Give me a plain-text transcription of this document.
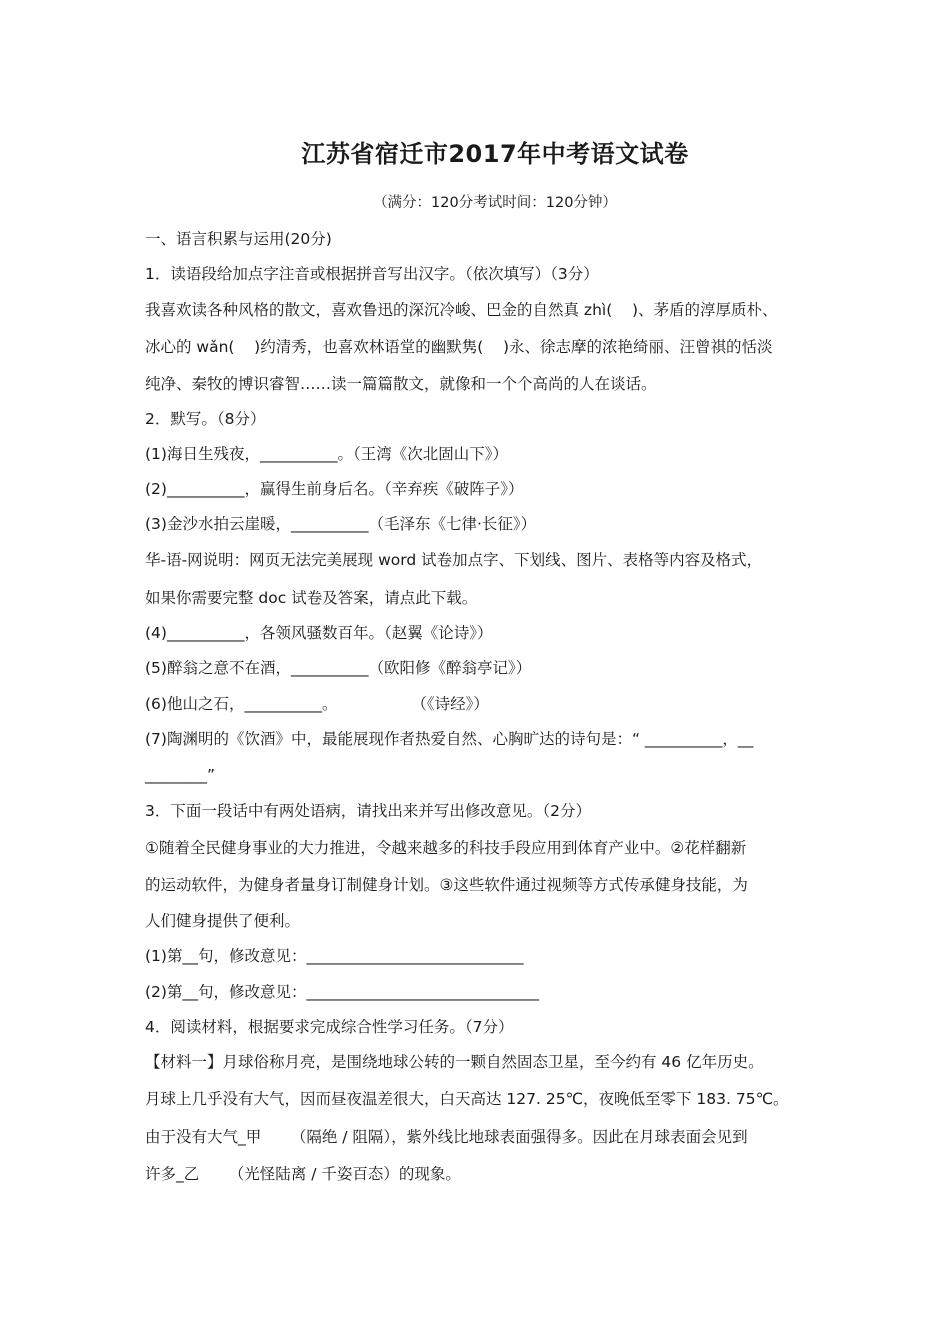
江苏省宿迁市2017年中考语文试卷
（满分：120分考试时间：120分钟）
一、语言积累与运用(20分)
1．读语段给加点字注音或根据拼音写出汉字。（依次填写）（3分）
我喜欢读各种风格的散文，喜欢鲁迅的深沉冷峻、巴金的自然真 zhì(    )、茅盾的淳厚质朴、
冰心的 wǎn(    )约清秀，也喜欢林语堂的幽默隽(    )永、徐志摩的浓艳绮丽、汪曾祺的恬淡
纯净、秦牧的博识睿智……读一篇篇散文，就像和一个个高尚的人在谈话。
2．默写。（8分）
(1)海日生残夜，__________。（王湾《次北固山下》）
(2)__________，赢得生前身后名。（辛弃疾《破阵子》）
(3)金沙水拍云崖暖，__________（毛泽东《七律·长征》）
华-语-网说明：网页无法完美展现 word 试卷加点字、下划线、图片、表格等内容及格式，
如果你需要完整 doc 试卷及答案，请点此下载。
(4)__________，各领风骚数百年。（赵翼《论诗》）
(5)醉翁之意不在酒，__________（欧阳修《醉翁亭记》）
(6)他山之石，__________。               （《诗经》）
(7)陶渊明的《饮酒》中，最能展现作者热爱自然、心胸旷达的诗句是：“ __________，__
________”
3．下面一段话中有两处语病，请找出来并写出修改意见。（2分）
①随着全民健身事业的大力推进，令越来越多的科技手段应用到体育产业中。②花样翻新
的运动软件，为健身者量身订制健身计划。③这些软件通过视频等方式传承健身技能，为
人们健身提供了便利。
(1)第__句，修改意见：____________________________
(2)第__句，修改意见：______________________________
4．阅读材料，根据要求完成综合性学习任务。（7分）
【材料一】月球俗称月亮，是围绕地球公转的一颗自然固态卫星，至今约有 46 亿年历史。
月球上几乎没有大气，因而昼夜温差很大，白天高达 127. 25℃，夜晚低至零下 183. 75℃。
由于没有大气_甲      （隔绝 / 阻隔），紫外线比地球表面强得多。因此在月球表面会见到
许多_乙      （光怪陆离 / 千姿百态）的现象。
